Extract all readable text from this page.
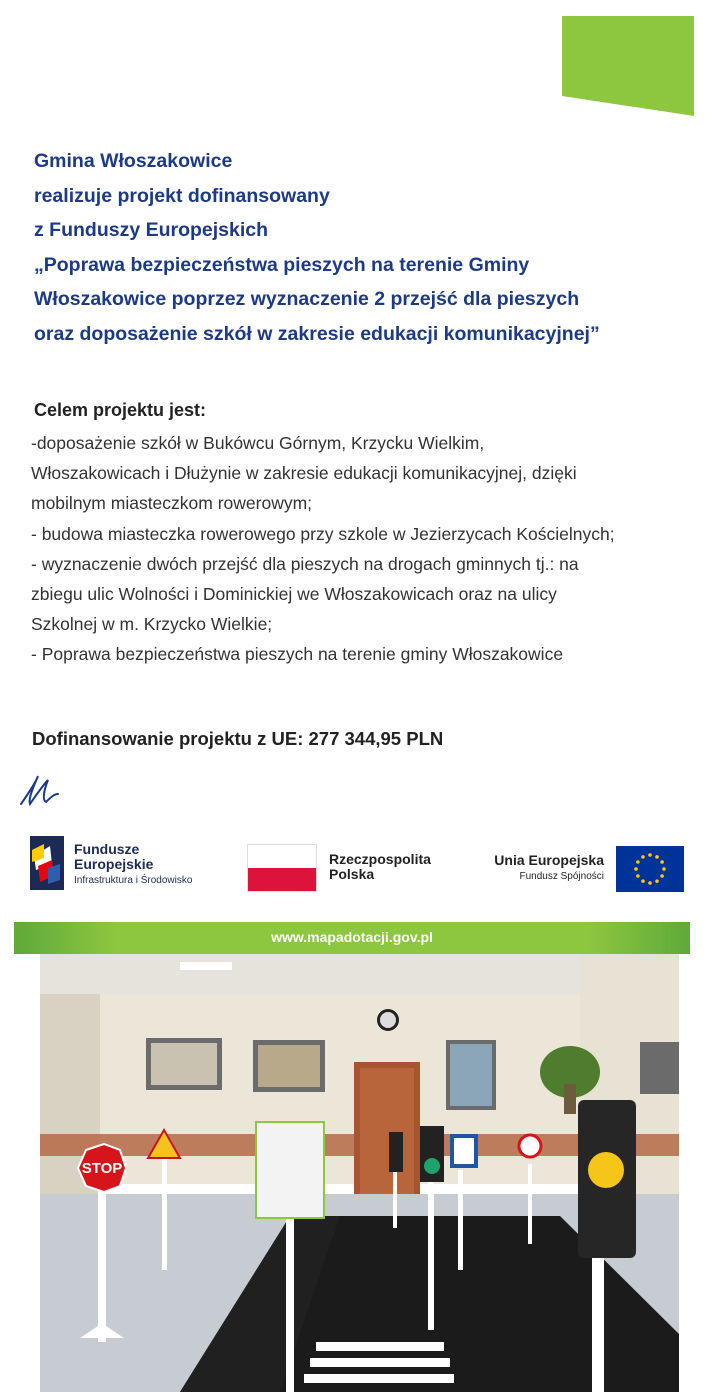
Gmina Włoszakowice
realizuje projekt dofinansowany
z Funduszy Europejskich
„Poprawa bezpieczeństwa pieszych na terenie Gminy
Włoszakowice poprzez wyznaczenie 2 przejść dla pieszych
oraz doposażenie szkół w zakresie edukacji komunikacyjnej”
Celem projektu jest:
-doposażenie szkół w Bukówcu Górnym, Krzycku Wielkim,
Włoszakowicach i Dłużynie w zakresie edukacji komunikacyjnej, dzięki
mobilnym miasteczkom rowerowym;
- budowa miasteczka rowerowego przy szkole w Jezierzycach Kościelnych;
- wyznaczenie dwóch przejść dla pieszych na drogach gminnych tj.: na
zbiegu ulic Wolności i Dominickiej we Włoszakowicach oraz na ulicy
Szkolnej w m. Krzycko Wielkie;
- Poprawa bezpieczeństwa pieszych na terenie gminy Włoszakowice
Dofinansowanie projektu z UE: 277 344,95 PLN
Fundusze
Europejskie
Infrastruktura i Środowisko
Rzeczpospolita
Polska
Unia Europejska
Fundusz Spójności
www.mapadotacji.gov.pl
STOP
